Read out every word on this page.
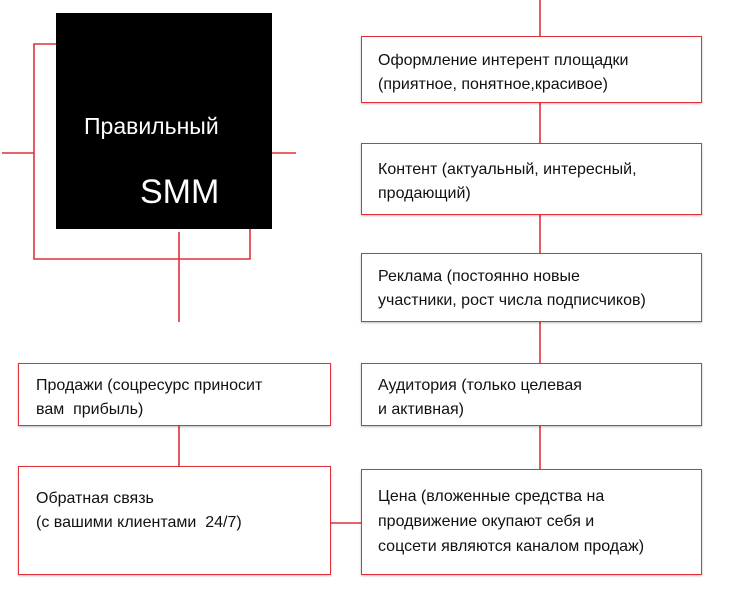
Правильный
SMM
Оформление интерент площадки
(приятное, понятное,красивое)
Контент (актуальный, интересный,
продающий)
Реклама (постоянно новые
участники, рост числа подписчиков)
Аудитория (только целевая
и активная)
Цена (вложенные средства на
продвижение окупают себя и
соцсети являются каналом продаж)
Продажи (соцресурс приносит
вам  прибыль)
Обратная связь
(с вашими клиентами  24/7)
